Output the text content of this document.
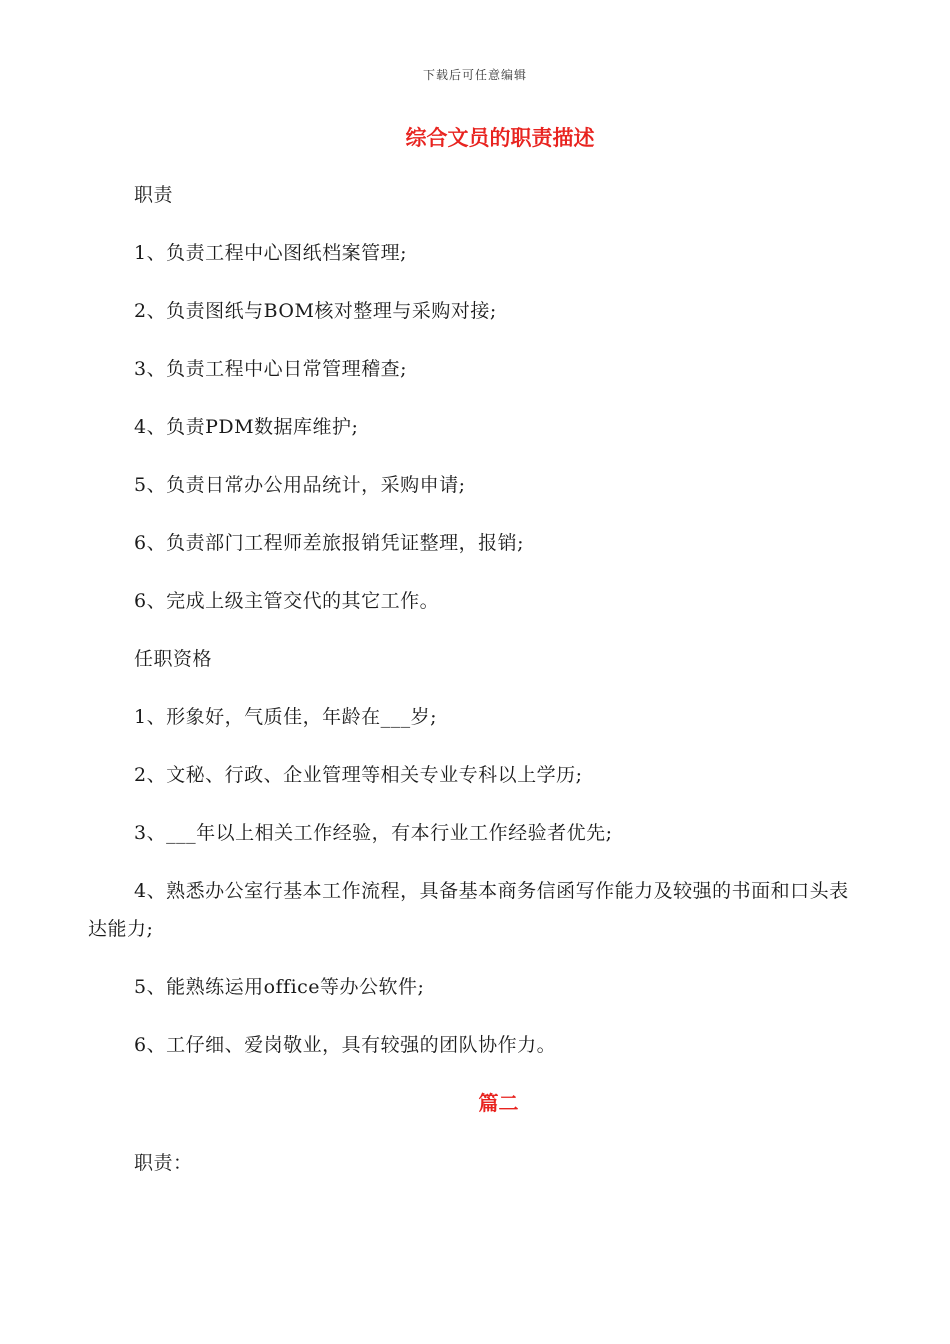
下载后可任意编辑
综合文员的职责描述

职责

1、负责工程中心图纸档案管理;

2、负责图纸与BOM核对整理与采购对接;

3、负责工程中心日常管理稽查;

4、负责PDM数据库维护;

5、负责日常办公用品统计，采购申请;

6、负责部门工程师差旅报销凭证整理，报销;

6、完成上级主管交代的其它工作。

任职资格

1、形象好，气质佳，年龄在___岁;

2、文秘、行政、企业管理等相关专业专科以上学历;

3、___年以上相关工作经验，有本行业工作经验者优先;

4、熟悉办公室行基本工作流程，具备基本商务信函写作能力及较强的书面和口头表达能力;

5、能熟练运用office等办公软件;

6、工仔细、爱岗敬业，具有较强的团队协作力。

篇二

职责：
